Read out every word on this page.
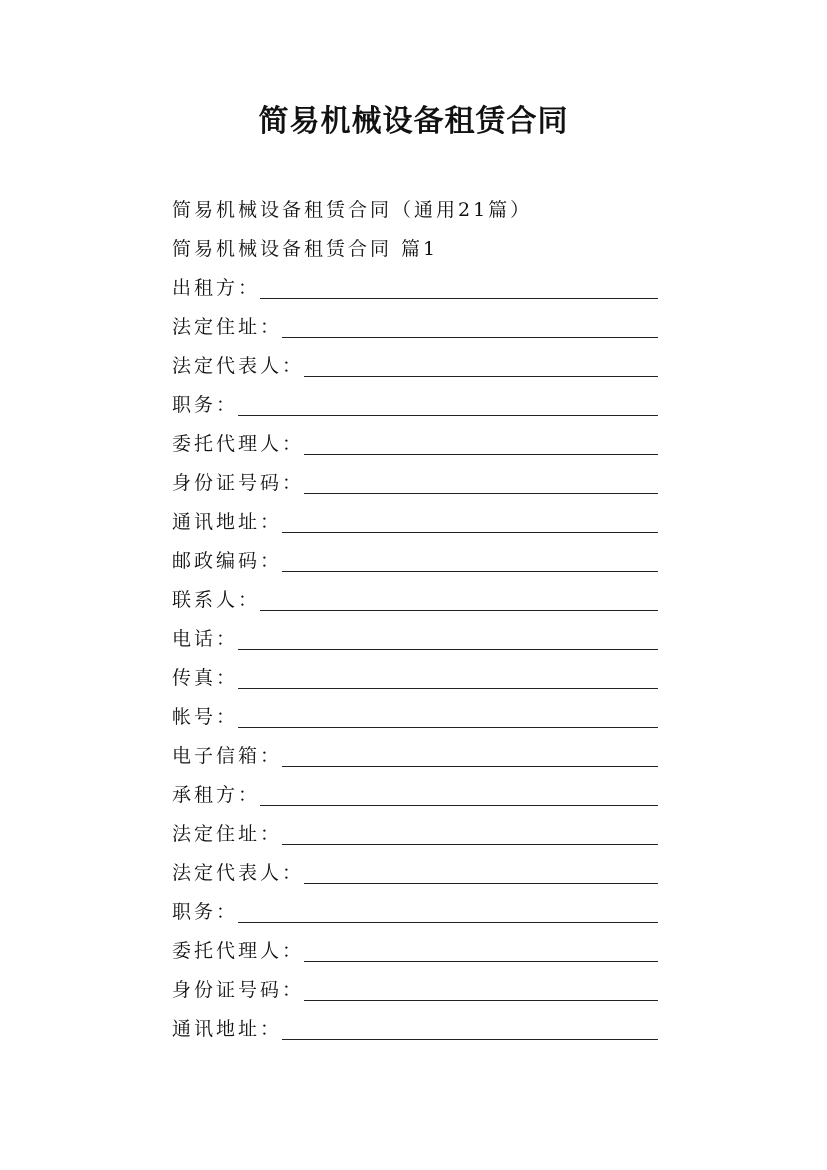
简易机械设备租赁合同
简易机械设备租赁合同（通用21篇）
简易机械设备租赁合同 篇1
出租方：
法定住址：
法定代表人：
职务：
委托代理人：
身份证号码：
通讯地址：
邮政编码：
联系人：
电话：
传真：
帐号：
电子信箱：
承租方：
法定住址：
法定代表人：
职务：
委托代理人：
身份证号码：
通讯地址：
